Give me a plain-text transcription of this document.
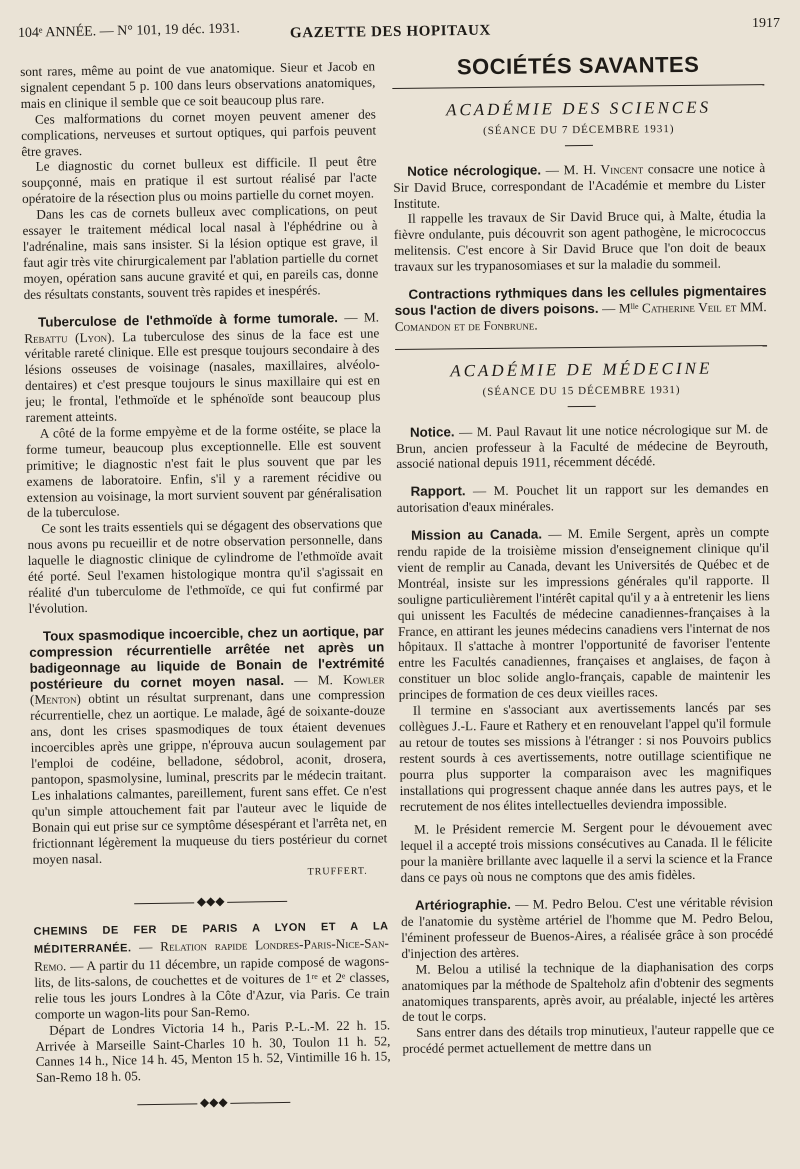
104ᵉ ANNÉE. — N° 101, 19 déc. 1931.	GAZETTE DES HOPITAUX	1917

sont rares, même au point de vue anatomique. Sieur et Jacob en signalent cependant 5 p. 100 dans leurs observations anatomiques, mais en clinique il semble que ce soit beaucoup plus rare.

Ces malformations du cornet moyen peuvent amener des complications, nerveuses et surtout optiques, qui parfois peuvent être graves.

Le diagnostic du cornet bulleux est difficile. Il peut être soupçonné, mais en pratique il est surtout réalisé par l'acte opératoire de la résection plus ou moins partielle du cornet moyen.

Dans les cas de cornets bulleux avec complications, on peut essayer le traitement médical local nasal à l'éphédrine ou à l'adrénaline, mais sans insister. Si la lésion optique est grave, il faut agir très vite chirurgicalement par l'ablation partielle du cornet moyen, opération sans aucune gravité et qui, en pareils cas, donne des résultats constants, souvent très rapides et inespérés.

Tuberculose de l'ethmoïde à forme tumorale. — M. Rebattu (Lyon). La tuberculose des sinus de la face est une véritable rareté clinique. Elle est presque toujours secondaire à des lésions osseuses de voisinage (nasales, maxillaires, alvéolo-dentaires) et c'est presque toujours le sinus maxillaire qui est en jeu; le frontal, l'ethmoïde et le sphénoïde sont beaucoup plus rarement atteints.

A côté de la forme empyème et de la forme ostéite, se place la forme tumeur, beaucoup plus exceptionnelle. Elle est souvent primitive; le diagnostic n'est fait le plus souvent que par les examens de laboratoire. Enfin, s'il y a rarement récidive ou extension au voisinage, la mort survient souvent par généralisation de la tuberculose.

Ce sont les traits essentiels qui se dégagent des observations que nous avons pu recueillir et de notre observation personnelle, dans laquelle le diagnostic clinique de cylindrome de l'ethmoïde avait été porté. Seul l'examen histologique montra qu'il s'agissait en réalité d'un tuberculome de l'ethmoïde, ce qui fut confirmé par l'évolution.

Toux spasmodique incoercible, chez un aortique, par compression récurrentielle arrêtée net après un badigeonnage au liquide de Bonain de l'extrémité postérieure du cornet moyen nasal. — M. Kowler (Menton) obtint un résultat surprenant, dans une compression récurrentielle, chez un aortique. Le malade, âgé de soixante-douze ans, dont les crises spasmodiques de toux étaient devenues incoercibles après une grippe, n'éprouva aucun soulagement par l'emploi de codéine, belladone, sédobrol, aconit, drosera, pantopon, spasmolysine, luminal, prescrits par le médecin traitant. Les inhalations calmantes, pareillement, furent sans effet. Ce n'est qu'un simple attouchement fait par l'auteur avec le liquide de Bonain qui eut prise sur ce symptôme désespérant et l'arrêta net, en frictionnant légèrement la muqueuse du tiers postérieur du cornet moyen nasal.

TRUFFERT.
◆◆◆

CHEMINS DE FER DE PARIS A LYON ET A LA MÉDITERRANÉE. — Relation rapide Londres-Paris-Nice-San-Remo. — A partir du 11 décembre, un rapide composé de wagons-lits, de lits-salons, de couchettes et de voitures de 1ʳᵉ et 2ᵉ classes, relie tous les jours Londres à la Côte d'Azur, via Paris. Ce train comporte un wagon-lits pour San-Remo.

Départ de Londres Victoria 14 h., Paris P.-L.-M. 22 h. 15. Arrivée à Marseille Saint-Charles 10 h. 30, Toulon 11 h. 52, Cannes 14 h., Nice 14 h. 45, Menton 15 h. 52, Vintimille 16 h. 15, San-Remo 18 h. 05.

◆◆◆
SOCIÉTÉS SAVANTES
ACADÉMIE DES SCIENCES
(SÉANCE DU 7 DÉCEMBRE 1931)

Notice nécrologique. — M. H. Vincent consacre une notice à Sir David Bruce, correspondant de l'Académie et membre du Lister Institute.

Il rappelle les travaux de Sir David Bruce qui, à Malte, étudia la fièvre ondulante, puis découvrit son agent pathogène, le micrococcus melitensis. C'est encore à Sir David Bruce que l'on doit de beaux travaux sur les trypanosomiases et sur la maladie du sommeil.

Contractions rythmiques dans les cellules pigmentaires sous l'action de divers poisons. — Mˡˡᵉ Catherine Veil et MM. Comandon et de Fonbrune.

ACADÉMIE DE MÉDECINE
(SÉANCE DU 15 DÉCEMBRE 1931)

Notice. — M. Paul Ravaut lit une notice nécrologique sur M. de Brun, ancien professeur à la Faculté de médecine de Beyrouth, associé national depuis 1911, récemment décédé.

Rapport. — M. Pouchet lit un rapport sur les demandes en autorisation d'eaux minérales.

Mission au Canada. — M. Emile Sergent, après un compte rendu rapide de la troisième mission d'enseignement clinique qu'il vient de remplir au Canada, devant les Universités de Québec et de Montréal, insiste sur les impressions générales qu'il rapporte. Il souligne particulièrement l'intérêt capital qu'il y a à entretenir les liens qui unissent les Facultés de médecine canadiennes-françaises à la France, en attirant les jeunes médecins canadiens vers l'internat de nos hôpitaux. Il s'attache à montrer l'opportunité de favoriser l'entente entre les Facultés canadiennes, françaises et anglaises, de façon à constituer un bloc solide anglo-français, capable de maintenir les principes de formation de ces deux vieilles races.

Il termine en s'associant aux avertissements lancés par ses collègues J.-L. Faure et Rathery et en renouvelant l'appel qu'il formule au retour de toutes ses missions à l'étranger : si nos Pouvoirs publics restent sourds à ces avertissements, notre outillage scientifique ne pourra plus supporter la comparaison avec les magnifiques installations qui progressent chaque année dans les autres pays, et le recrutement de nos élites intellectuelles deviendra impossible.

M. le Président remercie M. Sergent pour le dévouement avec lequel il a accepté trois missions consécutives au Canada. Il le félicite pour la manière brillante avec laquelle il a servi la science et la France dans ce pays où nous ne comptons que des amis fidèles.

Artériographie. — M. Pedro Belou. C'est une véritable révision de l'anatomie du système artériel de l'homme que M. Pedro Belou, l'éminent professeur de Buenos-Aires, a réalisée grâce à son procédé d'injection des artères.

M. Belou a utilisé la technique de la diaphanisation des corps anatomiques par la méthode de Spalteholz afin d'obtenir des segments anatomiques transparents, après avoir, au préalable, injecté les artères de tout le corps.

Sans entrer dans des détails trop minutieux, l'auteur rappelle que ce procédé permet actuellement de mettre dans un
